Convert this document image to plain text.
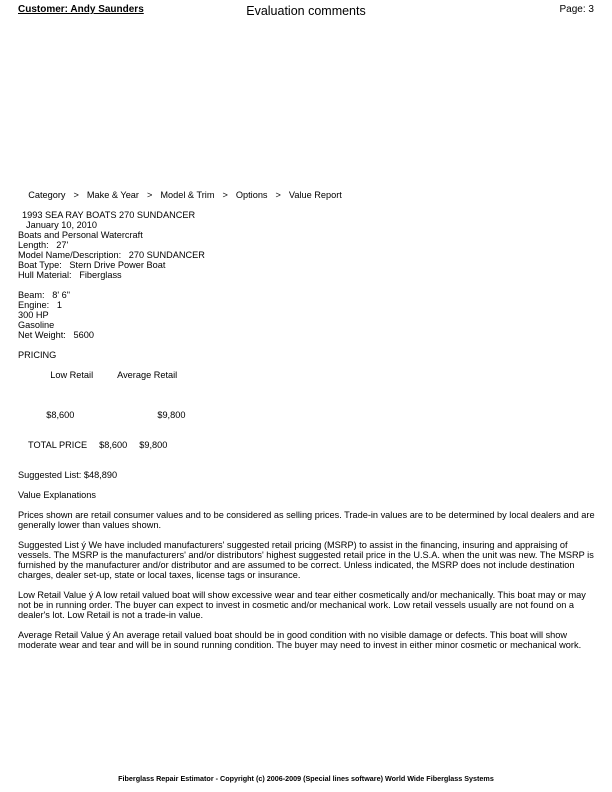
Customer: Andy Saunders	Evaluation comments	Page: 3

Category > Make & Year > Model & Trim > Options > Value Report

1993 SEA RAY BOATS 270 SUNDANCER
January 10, 2010
Boats and Personal Watercraft
Length:   27'
Model Name/Description:   270 SUNDANCER
Boat Type:   Stern Drive Power Boat
Hull Material:   Fiberglass
Beam:   8' 6"
Engine:   1
300 HP
Gasoline
Net Weight:   5600
PRICING

Low Retail	Average Retail

$8,600	$9,800

TOTAL PRICE $8,600 $9,800

Suggested List: $48,890
Value Explanations

Prices shown are retail consumer values and to be considered as selling prices. Trade-in values are to be determined by local dealers and are generally lower than values shown.

Suggested List ý We have included manufacturers' suggested retail pricing (MSRP) to assist in the financing, insuring and appraising of vessels. The MSRP is the manufacturers' and/or distributors' highest suggested retail price in the U.S.A. when the unit was new. The MSRP is furnished by the manufacturer and/or distributor and are assumed to be correct. Unless indicated, the MSRP does not include destination charges, dealer set-up, state or local taxes, license tags or insurance.

Low Retail Value ý A low retail valued boat will show excessive wear and tear either cosmetically and/or mechanically. This boat may or may not be in running order. The buyer can expect to invest in cosmetic and/or mechanical work. Low retail vessels usually are not found on a dealer's lot. Low Retail is not a trade-in value.

Average Retail Value ý An average retail valued boat should be in good condition with no visible damage or defects. This boat will show moderate wear and tear and will be in sound running condition. The buyer may need to invest in either minor cosmetic or mechanical work.

Fiberglass Repair Estimator - Copyright (c) 2006-2009 (Special lines software) World Wide Fiberglass Systems
